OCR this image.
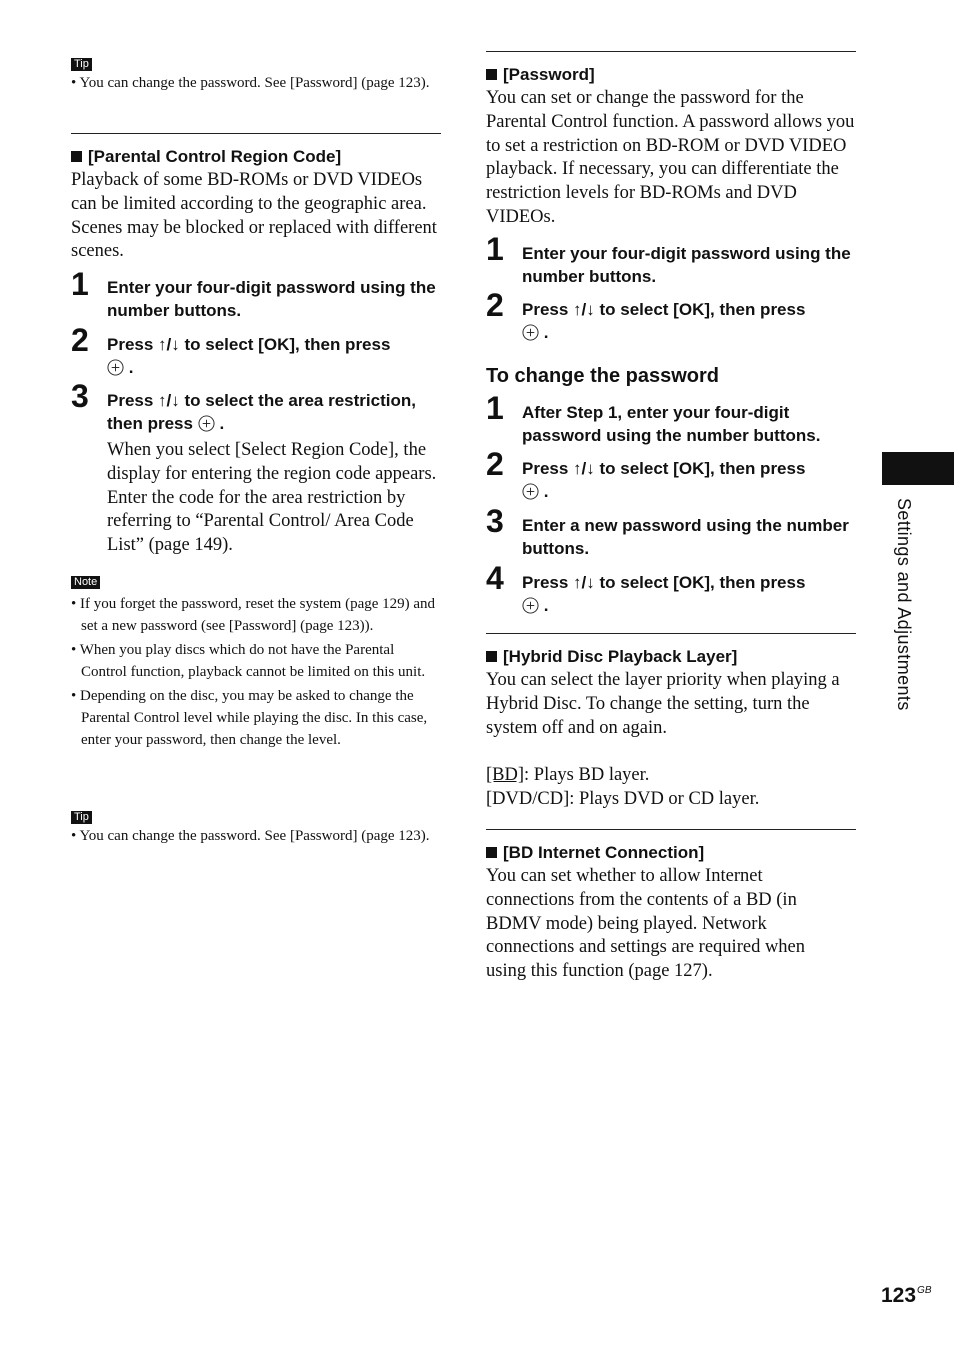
Tip
• You can change the password. See [Password] (page 123).
[Parental Control Region Code]
Playback of some BD-ROMs or DVD VIDEOs can be limited according to the geographic area. Scenes may be blocked or replaced with different scenes.
1 Enter your four-digit password using the number buttons.
2 Press ↑/↓ to select [OK], then press
.
3 Press ↑/↓ to select the area restriction, then press .
When you select [Select Region Code], the display for entering the region code appears. Enter the code for the area restriction by referring to “Parental Control/ Area Code List” (page 149).
Note
• If you forget the password, reset the system (page 129) and set a new password (see [Password] (page 123)).
• When you play discs which do not have the Parental Control function, playback cannot be limited on this unit.
• Depending on the disc, you may be asked to change the Parental Control level while playing the disc. In this case, enter your password, then change the level.
Tip
• You can change the password. See [Password] (page 123).
[Password]
You can set or change the password for the Parental Control function. A password allows you to set a restriction on BD-ROM or DVD VIDEO playback. If necessary, you can differentiate the restriction levels for BD-ROMs and DVD VIDEOs.
1 Enter your four-digit password using the number buttons.
2 Press ↑/↓ to select [OK], then press
.
To change the password
1 After Step 1, enter your four-digit password using the number buttons.
2 Press ↑/↓ to select [OK], then press
.
3 Enter a new password using the number buttons.
4 Press ↑/↓ to select [OK], then press
.
[Hybrid Disc Playback Layer]
You can select the layer priority when playing a Hybrid Disc. To change the setting, turn the system off and on again.
[BD]: Plays BD layer.
[DVD/CD]: Plays DVD or CD layer.
[BD Internet Connection]
You can set whether to allow Internet connections from the contents of a BD (in BDMV mode) being played. Network connections and settings are required when using this function (page 127).
Settings and Adjustments
$123^{GB}$
